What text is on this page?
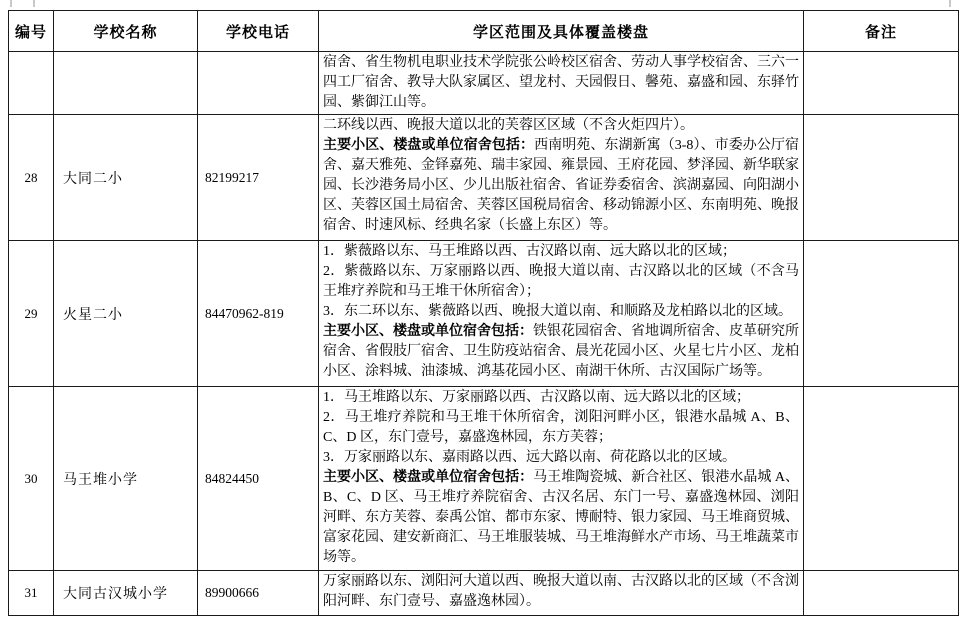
编号	学校名称	学校电话	学区范围及具体覆盖楼盘	备注
			宿舍、省生物机电职业技术学院张公岭校区宿舍、劳动人事学校宿舍、三六一四工厂宿舍、教导大队家属区、望龙村、天园假日、馨苑、嘉盛和园、东驿竹园、紫御江山等。	
28	大同二小	82199217	二环线以西、晚报大道以北的芙蓉区区域（不含火炬四片）。
主要小区、楼盘或单位宿舍包括：西南明苑、东湖新寓（3-8）、市委办公厅宿舍、嘉天雅苑、金铎嘉苑、瑞丰家园、雍景园、王府花园、梦泽园、新华联家园、长沙港务局小区、少儿出版社宿舍、省证券委宿舍、滨湖嘉园、向阳湖小区、芙蓉区国土局宿舍、芙蓉区国税局宿舍、移动锦源小区、东南明苑、晚报宿舍、时速风标、经典名家（长盛上东区）等。	
29	火星二小	84470962-819	1．紫薇路以东、马王堆路以西、古汉路以南、远大路以北的区域；
2．紫薇路以东、万家丽路以西、晚报大道以南、古汉路以北的区域（不含马王堆疗养院和马王堆干休所宿舍）；
3．东二环以东、紫薇路以西、晚报大道以南、和顺路及龙柏路以北的区域。
主要小区、楼盘或单位宿舍包括：铁银花园宿舍、省地调所宿舍、皮革研究所宿舍、省假肢厂宿舍、卫生防疫站宿舍、晨光花园小区、火星七片小区、龙柏小区、涂料城、油漆城、鸿基花园小区、南湖干休所、古汉国际广场等。	
30	马王堆小学	84824450	1．马王堆路以东、万家丽路以西、古汉路以南、远大路以北的区域；
2．马王堆疗养院和马王堆干休所宿舍，浏阳河畔小区，银港水晶城 A、B、C、D 区，东门壹号，嘉盛逸林园，东方芙蓉；
3．万家丽路以东、嘉雨路以西、远大路以南、荷花路以北的区域。
主要小区、楼盘或单位宿舍包括：马王堆陶瓷城、新合社区、银港水晶城 A、B、C、D 区、马王堆疗养院宿舍、古汉名居、东门一号、嘉盛逸林园、浏阳河畔、东方芙蓉、泰禹公馆、都市东家、博耐特、银力家园、马王堆商贸城、富家花园、建安新商汇、马王堆服装城、马王堆海鲜水产市场、马王堆蔬菜市场等。	
31	大同古汉城小学	89900666	万家丽路以东、浏阳河大道以西、晚报大道以南、古汉路以北的区域（不含浏阳河畔、东门壹号、嘉盛逸林园）。	
